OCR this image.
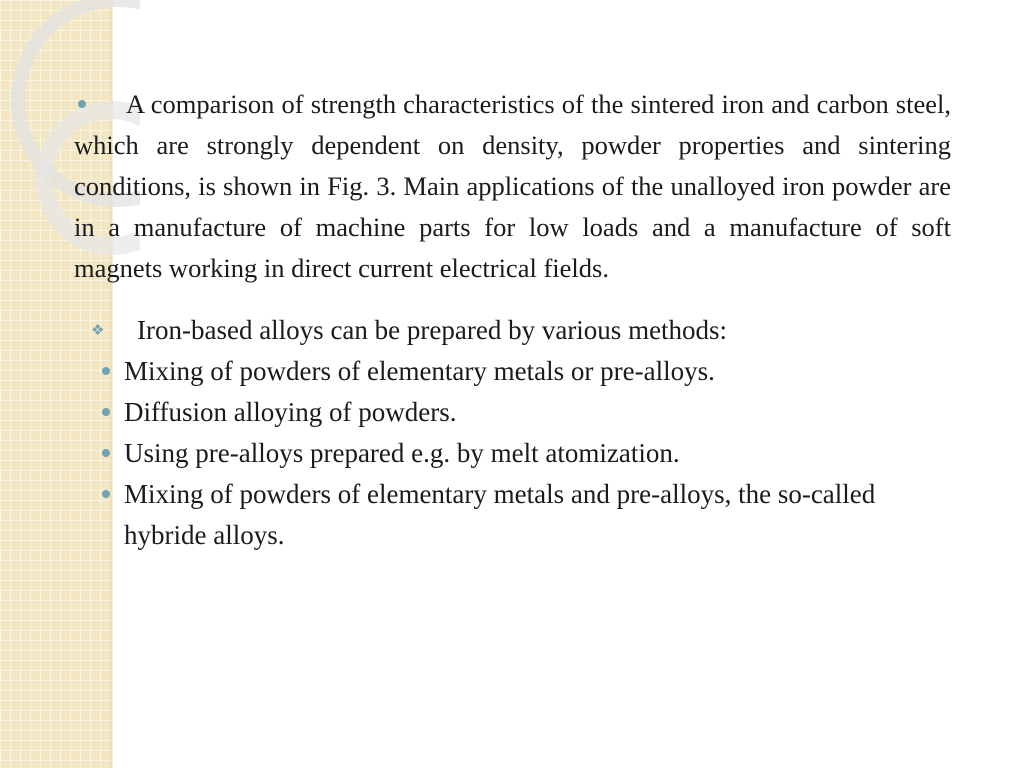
A comparison of strength characteristics of the sintered iron and carbon steel, which are strongly dependent on density, powder properties and sintering conditions, is shown in Fig. 3. Main applications of the unalloyed iron powder are in a manufacture of machine parts for low loads and a manufacture of soft magnets working in direct current electrical fields.

❖ Iron-based alloys can be prepared by various methods:
Mixing of powders of elementary metals or pre-alloys.
Diffusion alloying of powders.
Using pre-alloys prepared e.g. by melt atomization.
Mixing of powders of elementary metals and pre-alloys, the so-called hybride alloys.
